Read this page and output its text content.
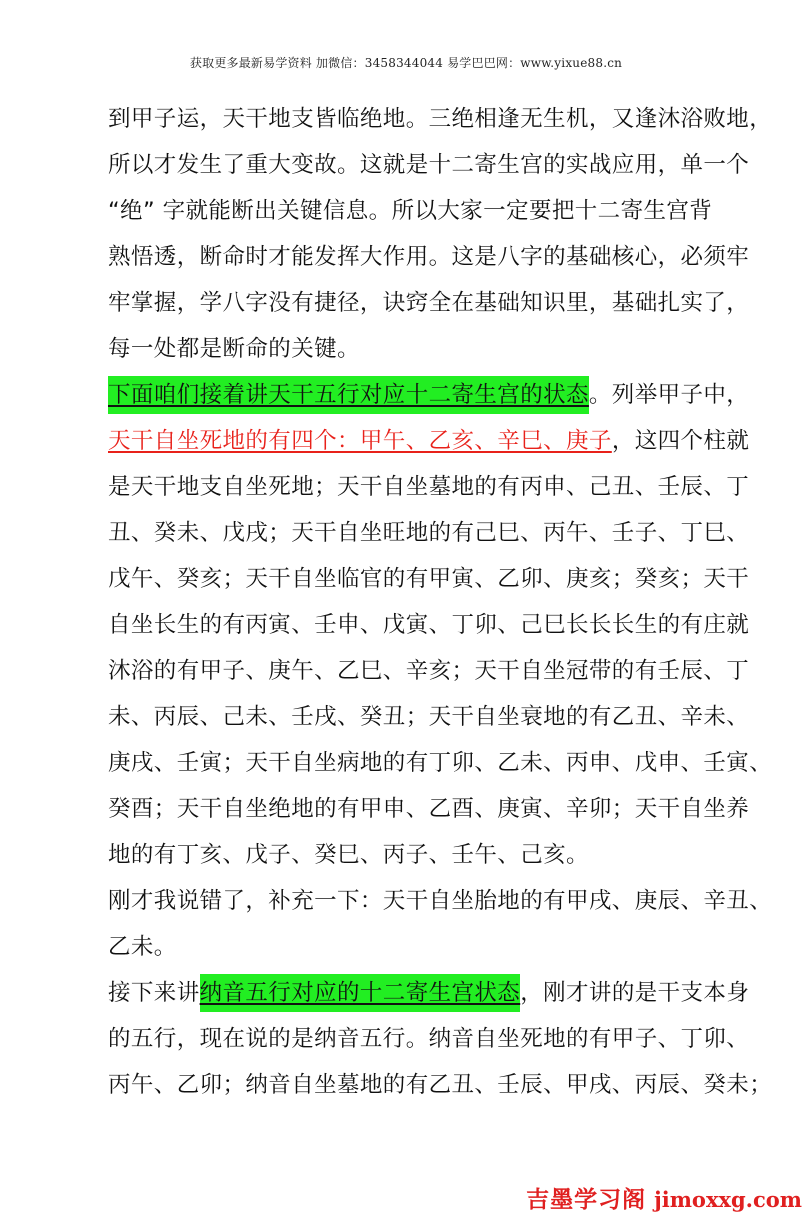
获取更多最新易学资料 加微信：3458344044 易学巴巴网：www.yixue88.cn
到甲子运，天干地支皆临绝地。三绝相逢无生机，又逢沐浴败地，
所以才发生了重大变故。这就是十二寄生宫的实战应用，单一个
“绝” 字就能断出关键信息。所以大家一定要把十二寄生宫背
熟悟透，断命时才能发挥大作用。这是八字的基础核心，必须牢
牢掌握，学八字没有捷径，诀窍全在基础知识里，基础扎实了，
每一处都是断命的关键。
下面咱们接着讲天干五行对应十二寄生宫的状态。列举甲子中，
天干自坐死地的有四个：甲午、乙亥、辛巳、庚子，这四个柱就
是天干地支自坐死地；天干自坐墓地的有丙申、己丑、壬辰、丁
丑、癸未、戊戌；天干自坐旺地的有己巳、丙午、壬子、丁巳、
戊午、癸亥；天干自坐临官的有甲寅、乙卯、庚亥；癸亥；天干
自坐长生的有丙寅、壬申、戊寅、丁卯、己巳长长长生的有庄就
沐浴的有甲子、庚午、乙巳、辛亥；天干自坐冠带的有壬辰、丁
未、丙辰、己未、壬戌、癸丑；天干自坐衰地的有乙丑、辛未、
庚戌、壬寅；天干自坐病地的有丁卯、乙未、丙申、戊申、壬寅、
癸酉；天干自坐绝地的有甲申、乙酉、庚寅、辛卯；天干自坐养
地的有丁亥、戊子、癸巳、丙子、壬午、己亥。
刚才我说错了，补充一下：天干自坐胎地的有甲戌、庚辰、辛丑、
乙未。
接下来讲纳音五行对应的十二寄生宫状态，刚才讲的是干支本身
的五行，现在说的是纳音五行。纳音自坐死地的有甲子、丁卯、
丙午、乙卯；纳音自坐墓地的有乙丑、壬辰、甲戌、丙辰、癸未；
吉墨学习阁 jimoxxg.com
